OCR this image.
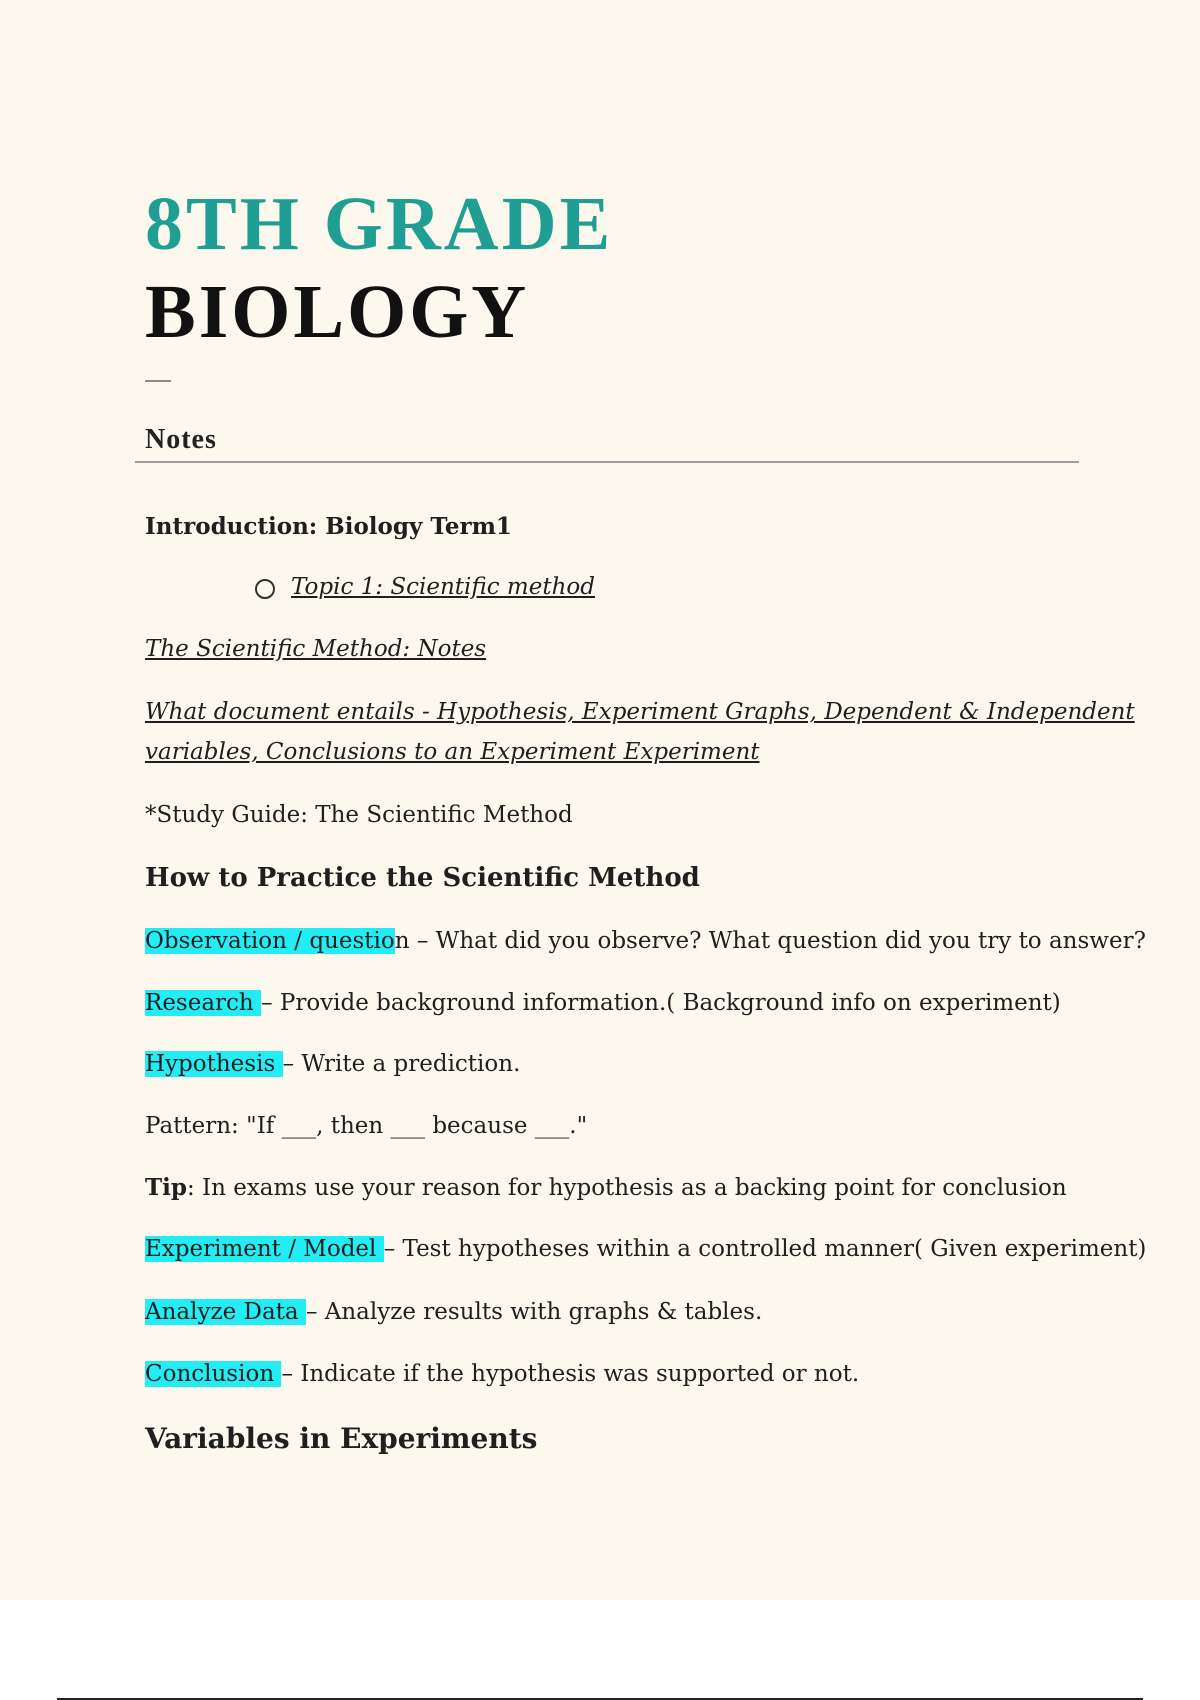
8TH GRADE
BIOLOGY
Notes
Introduction: Biology Term1
Topic 1: Scientific method
The Scientific Method: Notes
What document entails - Hypothesis, Experiment Graphs, Dependent & Independent
variables, Conclusions to an Experiment Experiment
*Study Guide: The Scientific Method
How to Practice the Scientific Method
Observation / question – What did you observe? What question did you try to answer?
Research – Provide background information.( Background info on experiment)
Hypothesis – Write a prediction.
Pattern: "If ___, then ___ because ___."
Tip: In exams use your reason for hypothesis as a backing point for conclusion
Experiment / Model – Test hypotheses within a controlled manner( Given experiment)
Analyze Data – Analyze results with graphs & tables.
Conclusion – Indicate if the hypothesis was supported or not.
Variables in Experiments
